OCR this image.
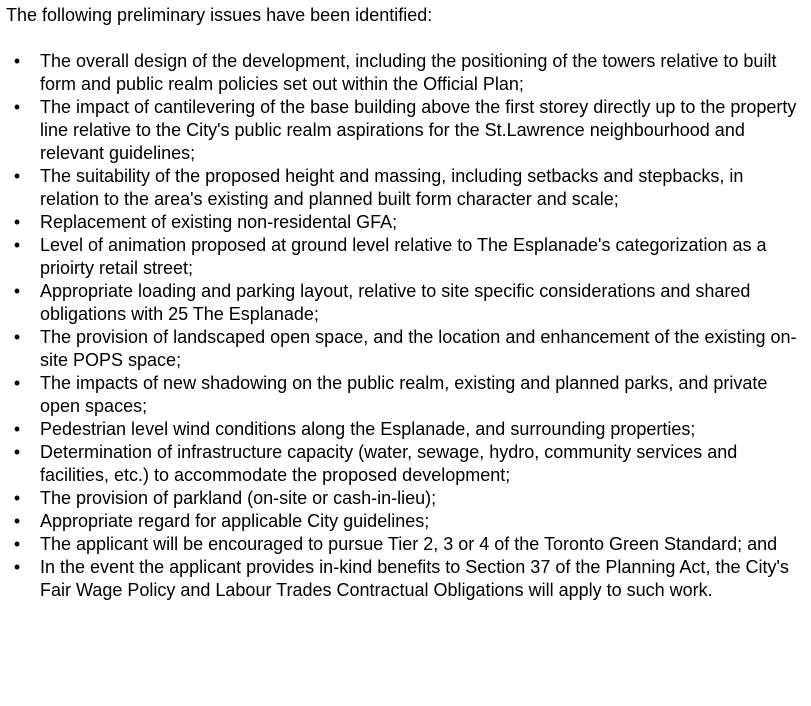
The following preliminary issues have been identified:

• The overall design of the development, including the positioning of the towers relative to built form and public realm policies set out within the Official Plan;
• The impact of cantilevering of the base building above the first storey directly up to the property line relative to the City's public realm aspirations for the St.Lawrence neighbourhood and relevant guidelines;
• The suitability of the proposed height and massing, including setbacks and stepbacks, in relation to the area's existing and planned built form character and scale;
• Replacement of existing non-residental GFA;
• Level of animation proposed at ground level relative to The Esplanade's categorization as a prioirty retail street;
• Appropriate loading and parking layout, relative to site specific considerations and shared obligations with 25 The Esplanade;
• The provision of landscaped open space, and the location and enhancement of the existing on-site POPS space;
• The impacts of new shadowing on the public realm, existing and planned parks, and private open spaces;
• Pedestrian level wind conditions along the Esplanade, and surrounding properties;
• Determination of infrastructure capacity (water, sewage, hydro, community services and facilities, etc.) to accommodate the proposed development;
• The provision of parkland (on-site or cash-in-lieu);
• Appropriate regard for applicable City guidelines;
• The applicant will be encouraged to pursue Tier 2, 3 or 4 of the Toronto Green Standard; and
• In the event the applicant provides in-kind benefits to Section 37 of the Planning Act, the City's Fair Wage Policy and Labour Trades Contractual Obligations will apply to such work.
